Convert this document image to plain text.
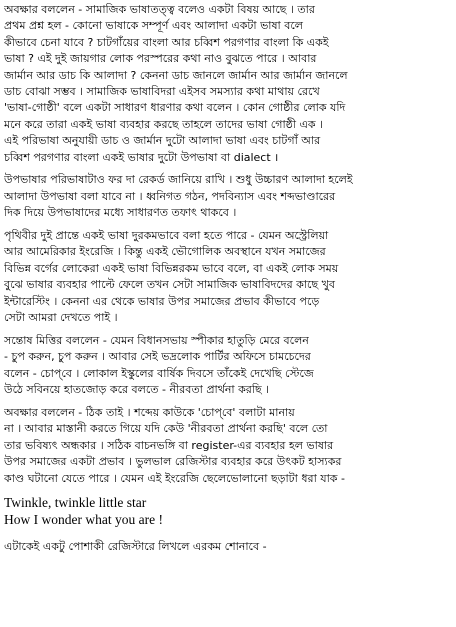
অবক্ষার বললেন - সামাজিক ভাষাতত্ত্ব বলেও একটা বিষয় আছে । তার
প্রথম প্রশ্ন হল - কোনো ভাষাকে সম্পূর্ণ এবং আলাদা একটা ভাষা বলে
কীভাবে চেনা যাবে ? চাটগাঁয়ের বাংলা আর চব্বিশ পরগণার বাংলা কি একই
ভাষা ? এই দুই জায়গার লোক পরস্পরের কথা নাও বুঝতে পারে । আবার
জার্মান আর ডাচ কি আলাদা ? কেননা ডাচ জানলে জার্মান আর জার্মান জানলে
ডাচ বোঝা সম্ভব । সামাজিক ভাষাবিদরা এইসব সমস্যার কথা মাথায় রেখে
'ভাষা-গোষ্ঠী' বলে একটা সাধারণ ধারণার কথা বলেন । কোন গোষ্ঠীর লোক যদি
মনে করে তারা একই ভাষা ব্যবহার করছে তাহলে তাদের ভাষা গোষ্ঠী এক ।
এই পরিভাষা অনুযায়ী ডাচ ও জার্মান দুটো আলাদা ভাষা এবং চাটগাঁ আর
চব্বিশ পরগণার বাংলা একই ভাষার দুটো উপভাষা বা dialect ।
উপভাষার পরিভাষাটাও ফর দা রেকর্ড জানিয়ে রাখি । শুধু উচ্চারণ আলাদা হলেই
আলাদা উপভাষা বলা যাবে না । ধ্বনিগত গঠন, পদবিন্যাস এবং শব্দভাণ্ডারের
দিক দিয়ে উপভাষাদের মধ্যে সাধারণত তফাৎ থাকবে ।
পৃথিবীর দুই প্রান্তে একই ভাষা দুরকমভাবে বলা হতে পারে - যেমন অস্ট্রেলিয়া
আর আমেরিকার ইংরেজি । কিন্তু একই ভৌগোলিক অবস্থানে যখন সমাজের
বিভিন্ন বর্গের লোকেরা একই ভাষা বিভিন্নরকম ভাবে বলে, বা একই লোক সময়
বুঝে ভাষার ব্যবহার পাল্টে ফেলে তখন সেটা সামাজিক ভাষাবিদদের কাছে খুব
ইন্টারেস্টিং । কেননা এর থেকে ভাষার উপর সমাজের প্রভাব কীভাবে পড়ে
সেটা আমরা দেখতে পাই ।
সন্তোষ মিত্তির বললেন - যেমন বিধানসভায় স্পীকার হাতুড়ি মেরে বলেন
- চুপ করুন, চুপ করুন । আবার সেই ভদ্রলোক পার্টির অফিসে চামচেদের
বলেন - চোপ্‌বে । লোকাল ইস্কুলের বার্ষিক দিবসে তাঁকেই দেখেছি স্টেজে
উঠে সবিনয়ে হাতজোড় করে বলতে - নীরবতা প্রার্থনা করছি ।
অবক্ষার বললেন - ঠিক তাই । শব্দেয় কাউকে 'চোপ্‌বে' বলাটা মানায়
না । আবার মাস্তানী করতে গিয়ে যদি কেউ 'নীরবতা প্রার্থনা করছি' বলে তো
তার ভবিষ্যৎ অন্ধকার । সঠিক বাচনভঙ্গি বা register-এর ব্যবহার হল ভাষার
উপর সমাজের একটা প্রভাব । ভুলভাল রেজিস্টার ব্যবহার করে উৎকট হাস্যকর
কাণ্ড ঘটানো যেতে পারে । যেমন এই ইংরেজি ছেলেভোলানো ছড়াটা ধরা যাক -
Twinkle, twinkle little star
How I wonder what you are !
এটাকেই একটু পোশাকী রেজিস্টারে লিখলে এরকম শোনাবে -
